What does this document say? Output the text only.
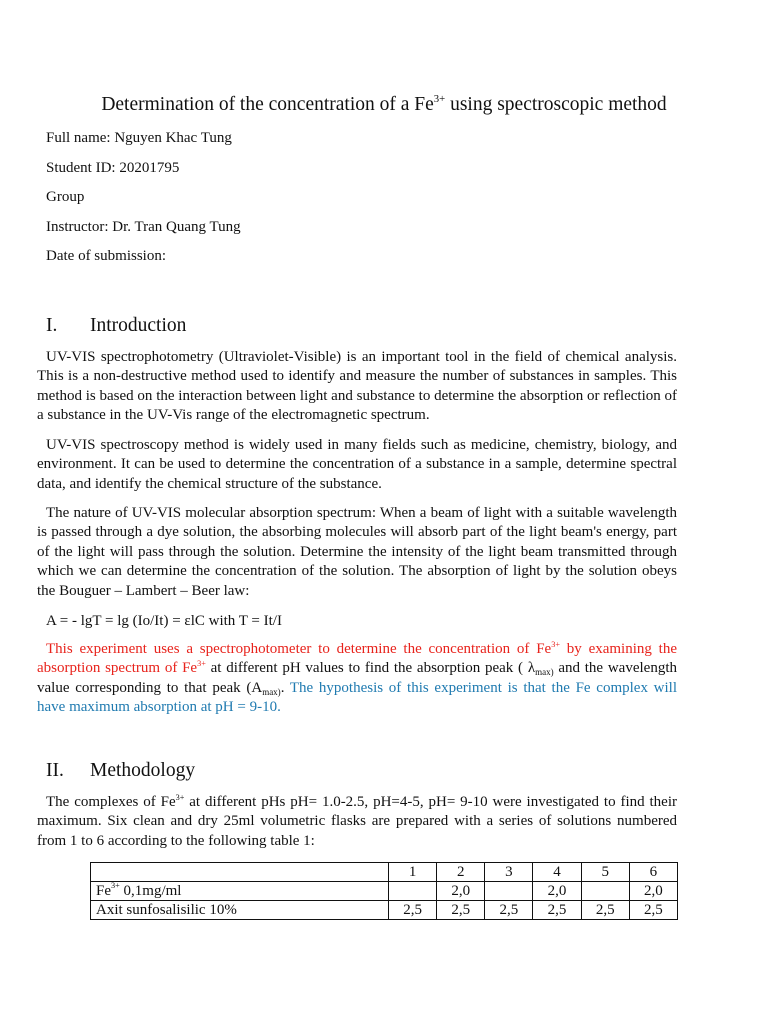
Determination of the concentration of a $Fe^{3+}$ using spectroscopic method
Full name: Nguyen Khac Tung
Student ID: 20201795
Group
Instructor: Dr. Tran Quang Tung
Date of submission:
I. Introduction
UV-VIS spectrophotometry (Ultraviolet-Visible) is an important tool in the field of chemical analysis. This is a non-destructive method used to identify and measure the number of substances in samples. This method is based on the interaction between light and substance to determine the absorption or reflection of a substance in the UV-Vis range of the electromagnetic spectrum.
UV-VIS spectroscopy method is widely used in many fields such as medicine, chemistry, biology, and environment. It can be used to determine the concentration of a substance in a sample, determine spectral data, and identify the chemical structure of the substance.
The nature of UV-VIS molecular absorption spectrum: When a beam of light with a suitable wavelength is passed through a dye solution, the absorbing molecules will absorb part of the light beam's energy, part of the light will pass through the solution. Determine the intensity of the light beam transmitted through which we can determine the concentration of the solution. The absorption of light by the solution obeys the Bouguer – Lambert – Beer law:
A = - lgT = lg (Io/It) = εlC with T = It/I
This experiment uses a spectrophotometer to determine the concentration of $Fe^{3+}$ by examining the absorption spectrum of $Fe^{3+}$ at different pH values to find the absorption peak ( $\lambda_{max)}$ and the wavelength value corresponding to that peak ($A_{max)}$. The hypothesis of this experiment is that the Fe complex will have maximum absorption at pH = 9-10.
II. Methodology
The complexes of $Fe^{3+}$ at different pHs pH= 1.0-2.5, pH=4-5, pH= 9-10 were investigated to find their maximum. Six clean and dry 25ml volumetric flasks are prepared with a series of solutions numbered from 1 to 6 according to the following table 1:
	1	2	3	4	5	6
$Fe^{3+}$ 0,1mg/ml		2,0		2,0		2,0
Axit sunfosalisilic 10%	2,5	2,5	2,5	2,5	2,5	2,5
